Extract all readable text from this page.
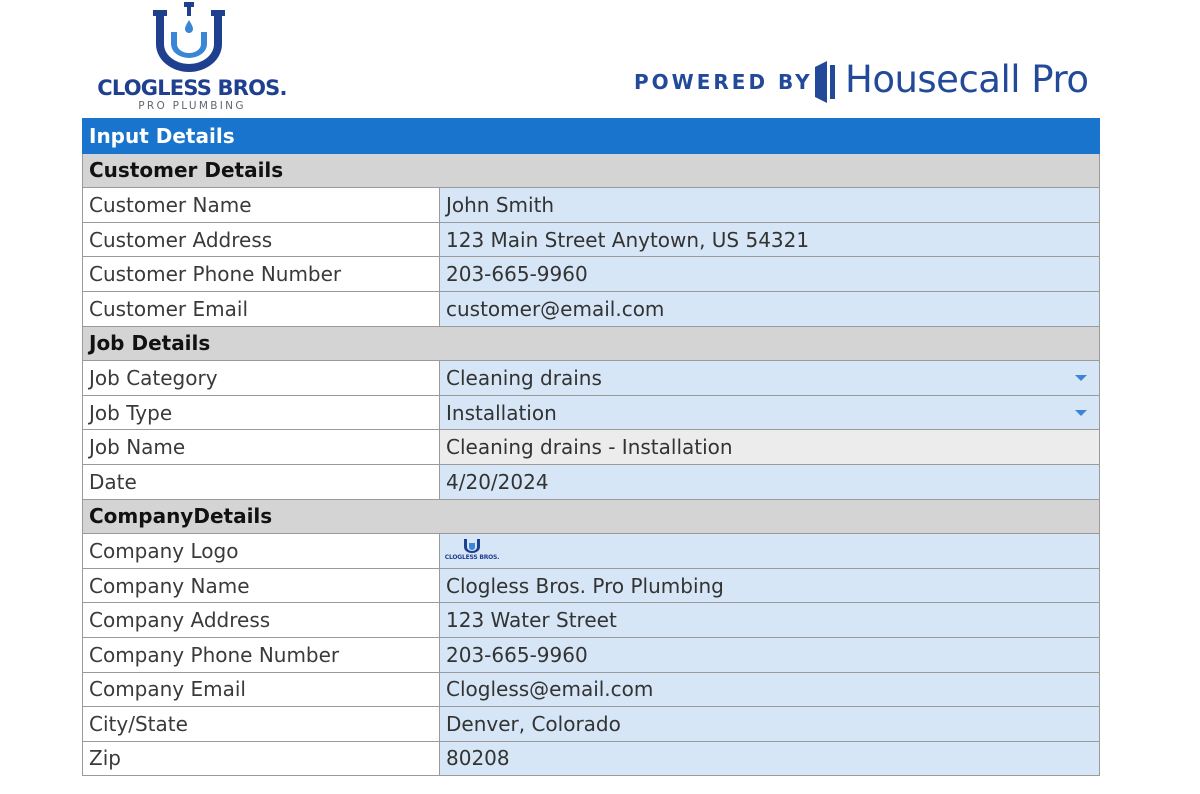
CLOGLESS BROS.
PRO PLUMBING
POWERED BY Housecall Pro
Input Details	
Customer Details	
Customer Name	John Smith
Customer Address	123 Main Street Anytown, US 54321
Customer Phone Number	203-665-9960
Customer Email	customer@email.com
Job Details	
Job Category	Cleaning drains

Job Type	Installation

Job Name	Cleaning drains - Installation
Date	4/20/2024
CompanyDetails	
Company Logo	CLOGLESS BROS.

Company Name	Clogless Bros. Pro Plumbing
Company Address	123 Water Street
Company Phone Number	203-665-9960
Company Email	Clogless@email.com
City/State	Denver, Colorado
Zip	80208
